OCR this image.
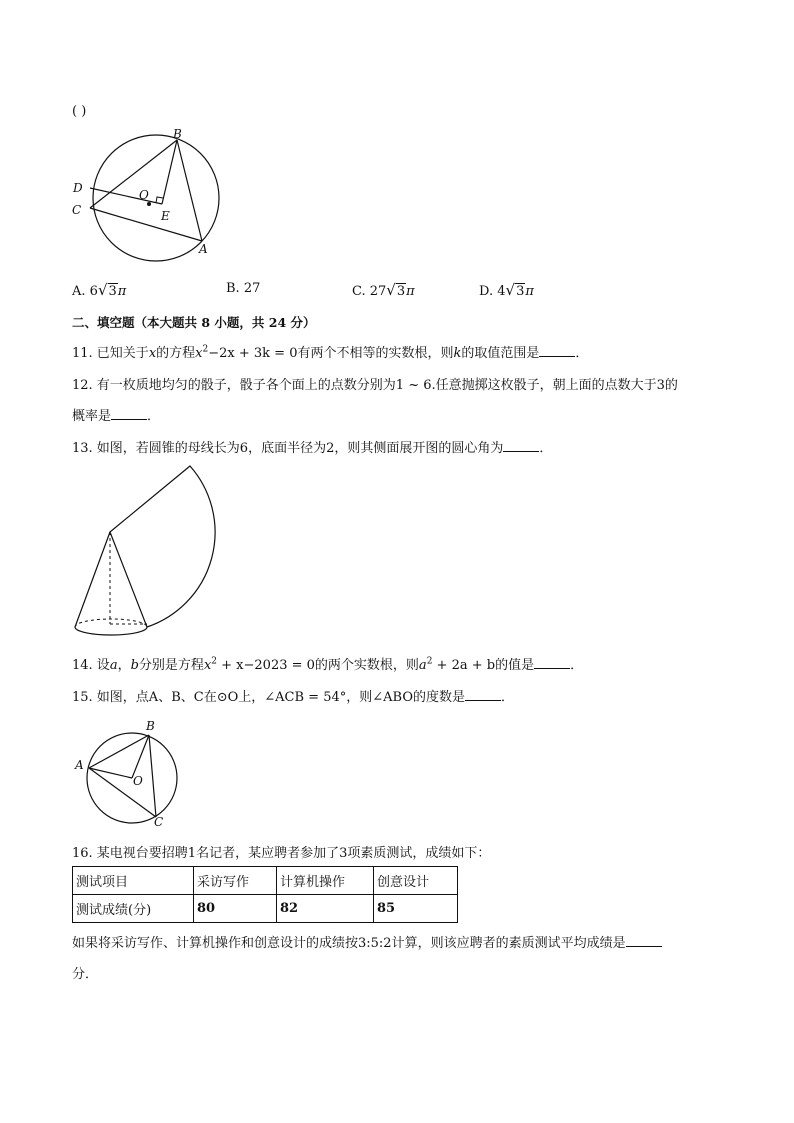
( )
B
D	O
C	E
A
A. 6√3π	B. 27	C. 27√3π	D. 4√3π
二、填空题（本大题共 8 小题，共 24 分）
11. 已知关于x的方程$x^2-2x + 3k = 0$有两个不相等的实数根，则k的取值范围是	．
12. 有一枚质地均匀的骰子，骰子各个面上的点数分别为1 ~ 6.任意抛掷这枚骰子，朝上面的点数大于3的
概率是	．
13. 如图，若圆锥的母线长为6，底面半径为2，则其侧面展开图的圆心角为	．
14. 设a，b分别是方程$x^2 + x-2023 = 0$的两个实数根，则$a^2 + 2a + b$的值是	．
15. 如图，点A、B、C在⊙O上，∠ACB = 54°，则∠ABO的度数是	．
B
A
O
C
16. 某电视台要招聘1名记者，某应聘者参加了3项素质测试，成绩如下：
测试项目	采访写作	计算机操作	创意设计
测试成绩(分)	80	82	85
如果将采访写作、计算机操作和创意设计的成绩按3:5:2计算，则该应聘者的素质测试平均成绩是
分．
